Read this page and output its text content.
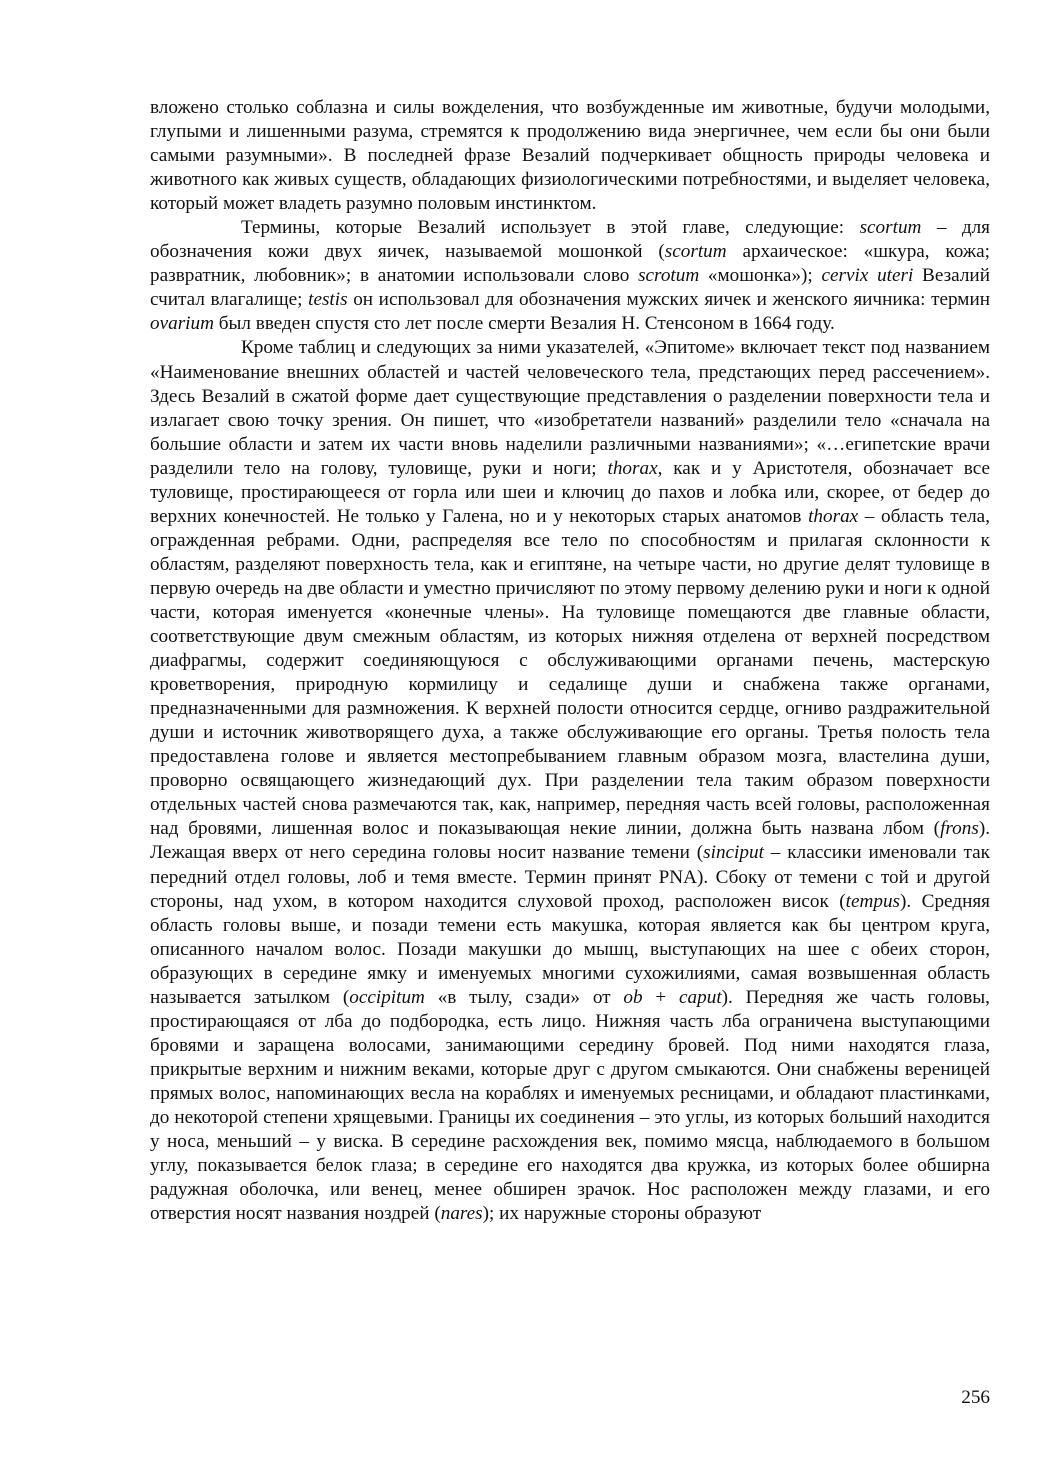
вложено столько соблазна и силы вожделения, что возбужденные им животные, будучи молодыми, глупыми и лишенными разума, стремятся к продолжению вида энергичнее, чем если бы они были самыми разумными». В последней фразе Везалий подчеркивает общность природы человека и животного как живых существ, обладающих физиологическими потребностями, и выделяет человека, который может владеть разумно половым инстинктом.

Термины, которые Везалий использует в этой главе, следующие: scortum – для обозначения кожи двух яичек, называемой мошонкой (scortum архаическое: «шкура, кожа; развратник, любовник»; в анатомии использовали слово scrotum «мошонка»); cervix uteri Везалий считал влагалище; testis он использовал для обозначения мужских яичек и женского яичника: термин ovarium был введен спустя сто лет после смерти Везалия Н. Стенсоном в 1664 году.

Кроме таблиц и следующих за ними указателей, «Эпитоме» включает текст под названием «Наименование внешних областей и частей человеческого тела, предстающих перед рассечением». Здесь Везалий в сжатой форме дает существующие представления о разделении поверхности тела и излагает свою точку зрения. Он пишет, что «изобретатели названий» разделили тело «сначала на большие области и затем их части вновь наделили различными названиями»; «…египетские врачи разделили тело на голову, туловище, руки и ноги; thorax, как и у Аристотеля, обозначает все туловище, простирающееся от горла или шеи и ключиц до пахов и лобка или, скорее, от бедер до верхних конечностей. Не только у Галена, но и у некоторых старых анатомов thorax – область тела, огражденная ребрами. Одни, распределяя все тело по способностям и прилагая склонности к областям, разделяют поверхность тела, как и египтяне, на четыре части, но другие делят туловище в первую очередь на две области и уместно причисляют по этому первому делению руки и ноги к одной части, которая именуется «конечные члены». На туловище помещаются две главные области, соответствующие двум смежным областям, из которых нижняя отделена от верхней посредством диафрагмы, содержит соединяющуюся с обслуживающими органами печень, мастерскую кроветворения, природную кормилицу и седалище души и снабжена также органами, предназначенными для размножения. К верхней полости относится сердце, огниво раздражительной души и источник животворящего духа, а также обслуживающие его органы. Третья полость тела предоставлена голове и является местопребыванием главным образом мозга, властелина души, проворно освящающего жизнедающий дух. При разделении тела таким образом поверхности отдельных частей снова размечаются так, как, например, передняя часть всей головы, расположенная над бровями, лишенная волос и показывающая некие линии, должна быть названа лбом (frons). Лежащая вверх от него середина головы носит название темени (sinciput – классики именовали так передний отдел головы, лоб и темя вместе. Термин принят PNA). Сбоку от темени с той и другой стороны, над ухом, в котором находится слуховой проход, расположен висок (tempus). Средняя область головы выше, и позади темени есть макушка, которая является как бы центром круга, описанного началом волос. Позади макушки до мышц, выступающих на шее с обеих сторон, образующих в середине ямку и именуемых многими сухожилиями, самая возвышенная область называется затылком (occipitum «в тылу, сзади» от ob + caput). Передняя же часть головы, простирающаяся от лба до подбородка, есть лицо. Нижняя часть лба ограничена выступающими бровями и заращена волосами, занимающими середину бровей. Под ними находятся глаза, прикрытые верхним и нижним веками, которые друг с другом смыкаются. Они снабжены вереницей прямых волос, напоминающих весла на кораблях и именуемых ресницами, и обладают пластинками, до некоторой степени хрящевыми. Границы их соединения – это углы, из которых больший находится у носа, меньший – у виска. В середине расхождения век, помимо мясца, наблюдаемого в большом углу, показывается белок глаза; в середине его находятся два кружка, из которых более обширна радужная оболочка, или венец, менее обширен зрачок. Нос расположен между глазами, и его отверстия носят названия ноздрей (nares); их наружные стороны образуют

256
